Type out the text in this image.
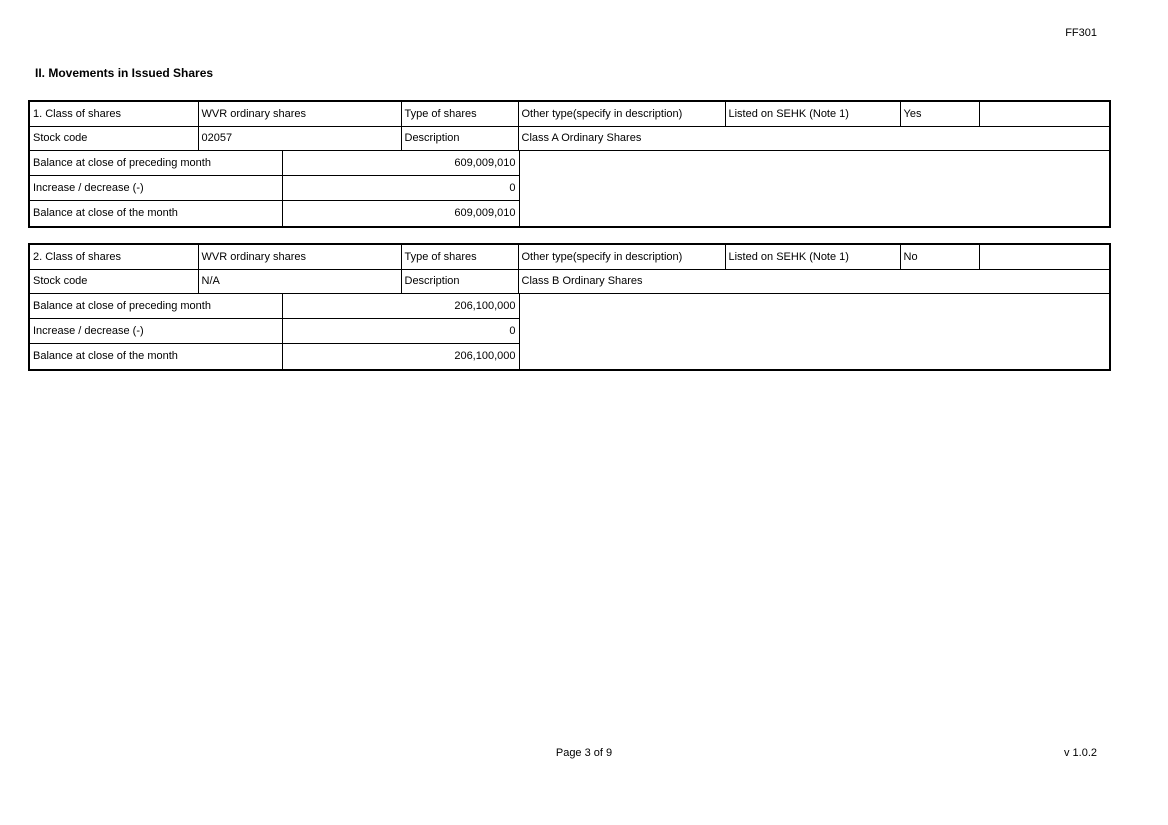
FF301
II. Movements in Issued Shares
1. Class of shares	WVR ordinary shares	Type of shares	Other type(specify in description)	Listed on SEHK (Note 1)	Yes	
Stock code	02057	Description	Class A Ordinary Shares			
Balance at close of preceding month	609,009,010	
Increase / decrease (-)	0	
Balance at close of the month	609,009,010	
2. Class of shares	WVR ordinary shares	Type of shares	Other type(specify in description)	Listed on SEHK (Note 1)	No	
Stock code	N/A	Description	Class B Ordinary Shares			
Balance at close of preceding month	206,100,000	
Increase / decrease (-)	0	
Balance at close of the month	206,100,000	
Page 3 of 9	v 1.0.2
